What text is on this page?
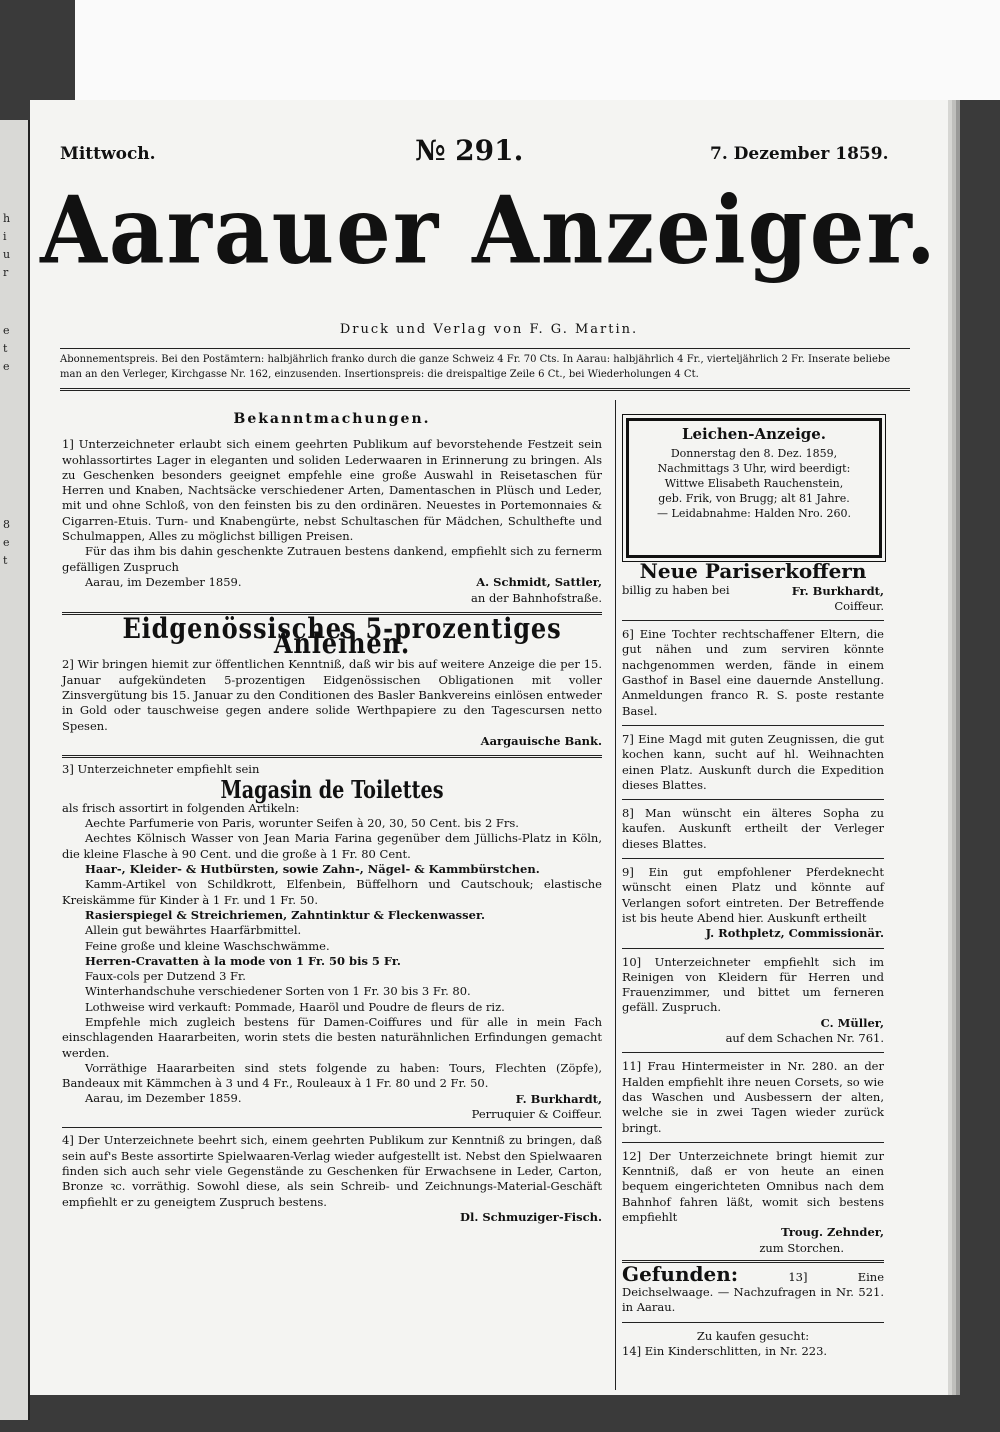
h
i
u
r
e
t
e
8
e
t
Mittwoch.	№ 291.	7. Dezember 1859.
Aarauer Anzeiger.
Druck und Verlag von F. G. Martin.
Abonnementspreis. Bei den Postämtern: halbjährlich franko durch die ganze Schweiz 4 Fr. 70 Cts. In Aarau: halbjährlich 4 Fr., vierteljährlich 2 Fr. Inserate beliebe man an den Verleger, Kirchgasse Nr. 162, einzusenden. Insertionspreis: die dreispaltige Zeile 6 Ct., bei Wiederholungen 4 Ct.
Bekanntmachungen.

1] Unterzeichneter erlaubt sich einem geehrten Publikum auf bevorstehende Festzeit sein wohlassortirtes Lager in eleganten und soliden Lederwaaren in Erinnerung zu bringen. Als zu Geschenken besonders geeignet empfehle eine große Auswahl in Reisetaschen für Herren und Knaben, Nachtsäcke verschiedener Arten, Damentaschen in Plüsch und Leder, mit und ohne Schloß, von den feinsten bis zu den ordinären. Neuestes in Portemonnaies & Cigarren-Etuis. Turn- und Knabengürte, nebst Schultaschen für Mädchen, Schulthefte und Schulmappen, Alles zu möglichst billigen Preisen.

Für das ihm bis dahin geschenkte Zutrauen bestens dankend, empfiehlt sich zu fernerm gefälligen Zuspruch

Aarau, im Dezember 1859.	A. Schmidt, Sattler,

an der Bahnhofstraße.

Eidgenössisches 5-prozentiges Anleihen.

2] Wir bringen hiemit zur öffentlichen Kenntniß, daß wir bis auf weitere Anzeige die per 15. Januar aufgekündeten 5-prozentigen Eidgenössischen Obligationen mit voller Zinsvergütung bis 15. Januar zu den Conditionen des Basler Bankvereins einlösen entweder in Gold oder tauschweise gegen andere solide Werthpapiere zu den Tagescursen netto Spesen.

Aargauische Bank.

3] Unterzeichneter empfiehlt sein

Magasin de Toilettes

als frisch assortirt in folgenden Artikeln:

Aechte Parfumerie von Paris, worunter Seifen à 20, 30, 50 Cent. bis 2 Frs.

Aechtes Kölnisch Wasser von Jean Maria Farina gegenüber dem Jüllichs-Platz in Köln, die kleine Flasche à 90 Cent. und die große à 1 Fr. 80 Cent.

Haar-, Kleider- & Hutbürsten, sowie Zahn-, Nägel- & Kammbürstchen.

Kamm-Artikel von Schildkrott, Elfenbein, Büffelhorn und Cautschouk; elastische Kreiskämme für Kinder à 1 Fr. und 1 Fr. 50.

Rasierspiegel & Streichriemen, Zahntinktur & Fleckenwasser.

Allein gut bewährtes Haarfärbmittel.

Feine große und kleine Waschschwämme.

Herren-Cravatten à la mode von 1 Fr. 50 bis 5 Fr.

Faux-cols per Dutzend 3 Fr.

Winterhandschuhe verschiedener Sorten von 1 Fr. 30 bis 3 Fr. 80.

Lothweise wird verkauft: Pommade, Haaröl und Poudre de fleurs de riz.

Empfehle mich zugleich bestens für Damen-Coiffures und für alle in mein Fach einschlagenden Haararbeiten, worin stets die besten naturähnlichen Erfindungen gemacht werden.

Vorräthige Haararbeiten sind stets folgende zu haben: Tours, Flechten (Zöpfe), Bandeaux mit Kämmchen à 3 und 4 Fr., Rouleaux à 1 Fr. 80 und 2 Fr. 50.

Aarau, im Dezember 1859.	F. Burkhardt,

Perruquier & Coiffeur.

4] Der Unterzeichnete beehrt sich, einem geehrten Publikum zur Kenntniß zu bringen, daß sein auf's Beste assortirte Spielwaaren-Verlag wieder aufgestellt ist. Nebst den Spielwaaren finden sich auch sehr viele Gegenstände zu Geschenken für Erwachsene in Leder, Carton, Bronze ꝛc. vorräthig. Sowohl diese, als sein Schreib- und Zeichnungs-Material-Geschäft empfiehlt er zu geneigtem Zuspruch bestens.

Dl. Schmuziger-Fisch.

Leichen-Anzeige.
Donnerstag den 8. Dez. 1859,
Nachmittags 3 Uhr, wird beerdigt:
Wittwe Elisabeth Rauchenstein,
geb. Frik, von Brugg; alt 81 Jahre.
— Leidabnahme: Halden Nro. 260.
Neue Pariserkoffern

billig zu haben bei	Fr. Burkhardt,

Coiffeur.

6] Eine Tochter rechtschaffener Eltern, die gut nähen und zum serviren könnte nachgenommen werden, fände in einem Gasthof in Basel eine dauernde Anstellung. Anmeldungen franco R. S. poste restante Basel.

7] Eine Magd mit guten Zeugnissen, die gut kochen kann, sucht auf hl. Weihnachten einen Platz. Auskunft durch die Expedition dieses Blattes.

8] Man wünscht ein älteres Sopha zu kaufen. Auskunft ertheilt der Verleger dieses Blattes.

9] Ein gut empfohlener Pferdeknecht wünscht einen Platz und könnte auf Verlangen sofort eintreten. Der Betreffende ist bis heute Abend hier. Auskunft ertheilt

J. Rothpletz, Commissionär.

10] Unterzeichneter empfiehlt sich im Reinigen von Kleidern für Herren und Frauenzimmer, und bittet um ferneren gefäll. Zuspruch.

C. Müller,

auf dem Schachen Nr. 761.

11] Frau Hintermeister in Nr. 280. an der Halden empfiehlt ihre neuen Corsets, so wie das Waschen und Ausbessern der alten, welche sie in zwei Tagen wieder zurück bringt.

12] Der Unterzeichnete bringt hiemit zur Kenntniß, daß er von heute an einen bequem eingerichteten Omnibus nach dem Bahnhof fahren läßt, womit sich bestens empfiehlt

Troug. Zehnder,

zum Storchen.

Gefunden:	13] Eine Deichselwaage. — Nachzufragen in Nr. 521. in Aarau.

Zu kaufen gesucht:

14] Ein Kinderschlitten, in Nr. 223.
